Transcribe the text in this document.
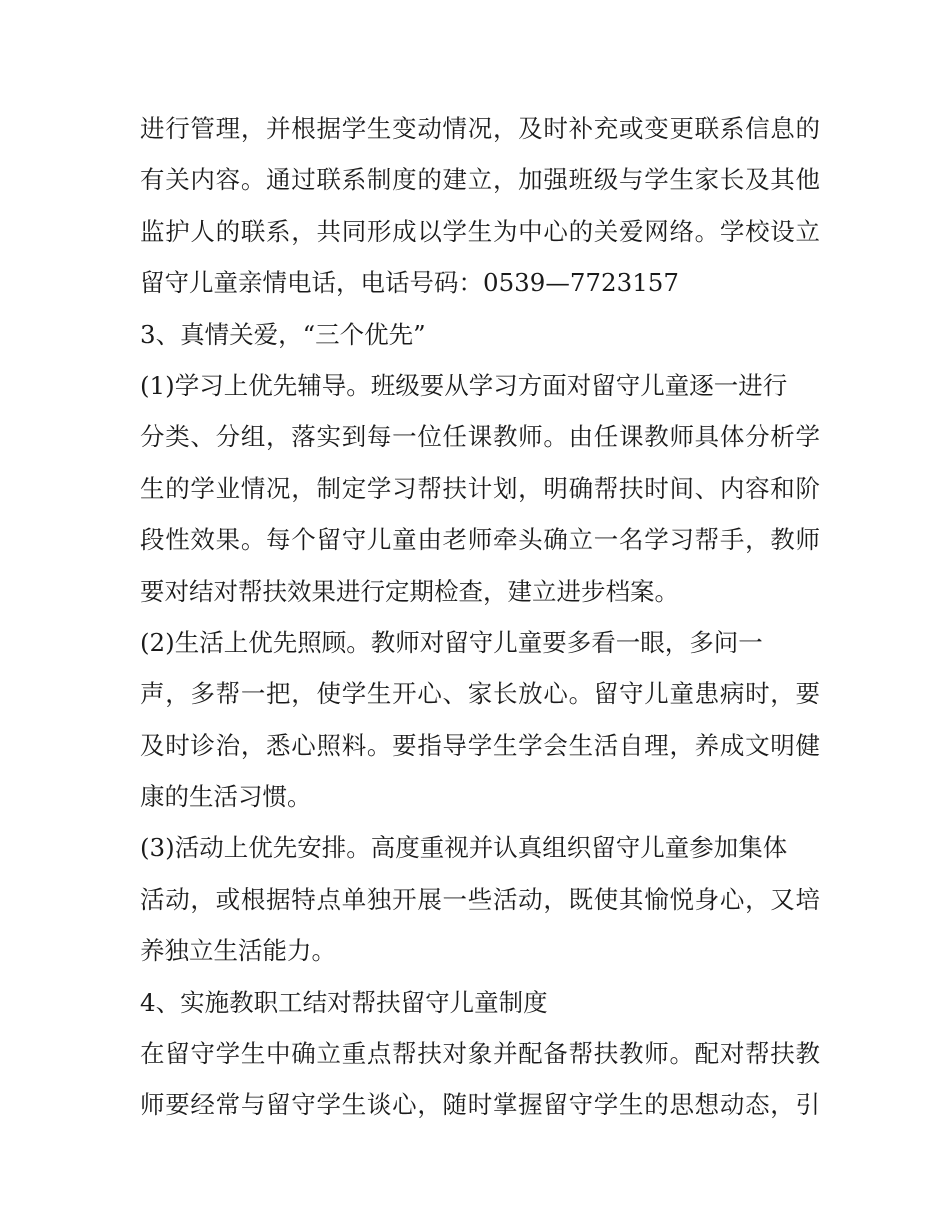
进行管理，并根据学生变动情况，及时补充或变更联系信息的
有关内容。通过联系制度的建立，加强班级与学生家长及其他
监护人的联系，共同形成以学生为中心的关爱网络。学校设立
留守儿童亲情电话，电话号码：0539—7723157
3、真情关爱，“三个优先”
(1)学习上优先辅导。班级要从学习方面对留守儿童逐一进行
分类、分组，落实到每一位任课教师。由任课教师具体分析学
生的学业情况，制定学习帮扶计划，明确帮扶时间、内容和阶
段性效果。每个留守儿童由老师牵头确立一名学习帮手，教师
要对结对帮扶效果进行定期检查，建立进步档案。
(2)生活上优先照顾。教师对留守儿童要多看一眼，多问一
声，多帮一把，使学生开心、家长放心。留守儿童患病时，要
及时诊治，悉心照料。要指导学生学会生活自理，养成文明健
康的生活习惯。
(3)活动上优先安排。高度重视并认真组织留守儿童参加集体
活动，或根据特点单独开展一些活动，既使其愉悦身心，又培
养独立生活能力。
4、实施教职工结对帮扶留守儿童制度
在留守学生中确立重点帮扶对象并配备帮扶教师。配对帮扶教
师要经常与留守学生谈心，随时掌握留守学生的思想动态，引
